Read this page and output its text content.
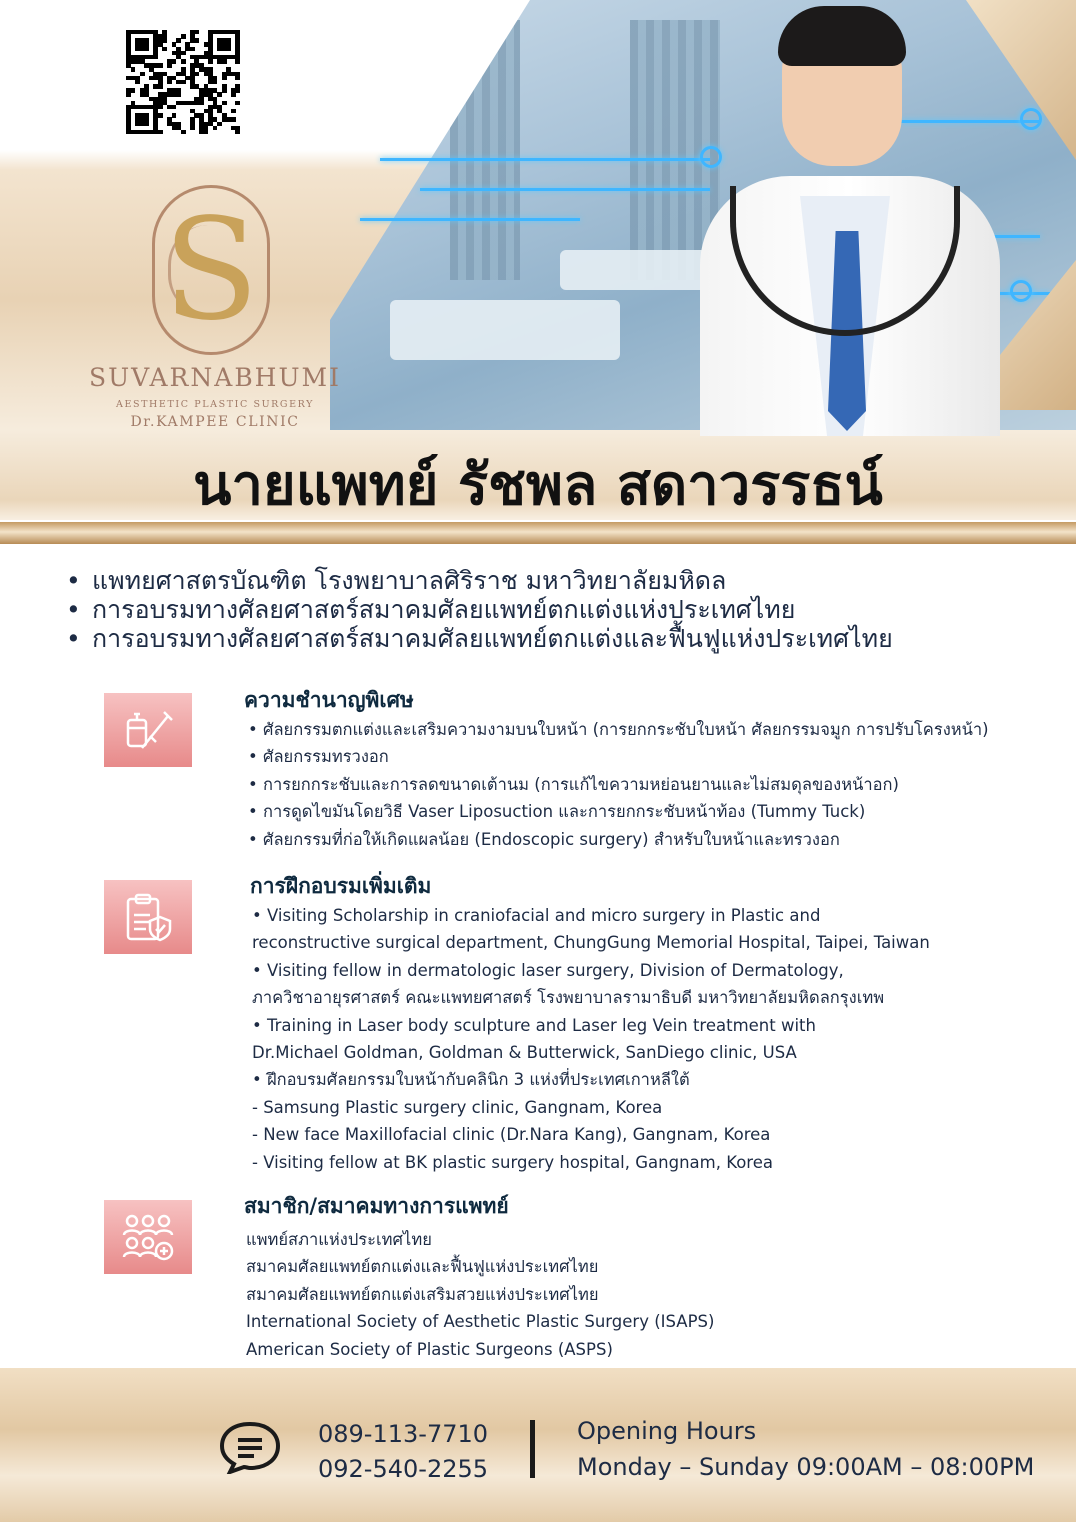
S
SUVARNABHUMI
AESTHETIC PLASTIC SURGERY
Dr.KAMPEE CLINIC
นายแพทย์ รัชพล สดาวรรธน์
• แพทยศาสตรบัณฑิต โรงพยาบาลศิริราช มหาวิทยาลัยมหิดล
• การอบรมทางศัลยศาสตร์สมาคมศัลยแพทย์ตกแต่งแห่งประเทศไทย
• การอบรมทางศัลยศาสตร์สมาคมศัลยแพทย์ตกแต่งและฟื้นฟูแห่งประเทศไทย
ความชำนาญพิเศษ
• ศัลยกรรมตกแต่งและเสริมความงามบนใบหน้า (การยกกระชับใบหน้า ศัลยกรรมจมูก การปรับโครงหน้า)
• ศัลยกรรมทรวงอก
• การยกกระชับและการลดขนาดเต้านม (การแก้ไขความหย่อนยานและไม่สมดุลของหน้าอก)
• การดูดไขมันโดยวิธี Vaser Liposuction และการยกกระชับหน้าท้อง (Tummy Tuck)
• ศัลยกรรมที่ก่อให้เกิดแผลน้อย (Endoscopic surgery) สำหรับใบหน้าและทรวงอก
การฝึกอบรมเพิ่มเติม
• Visiting Scholarship in craniofacial and micro surgery in Plastic and
reconstructive surgical department, ChungGung Memorial Hospital, Taipei, Taiwan
• Visiting fellow in dermatologic laser surgery, Division of Dermatology,
ภาควิชาอายุรศาสตร์ คณะแพทยศาสตร์ โรงพยาบาลรามาธิบดี มหาวิทยาลัยมหิดลกรุงเทพ
• Training in Laser body sculpture and Laser leg Vein treatment with
Dr.Michael Goldman, Goldman & Butterwick, SanDiego clinic, USA
• ฝึกอบรมศัลยกรรมใบหน้ากับคลินิก 3 แห่งที่ประเทศเกาหลีใต้
- Samsung Plastic surgery clinic, Gangnam, Korea
- New face Maxillofacial clinic (Dr.Nara Kang), Gangnam, Korea
- Visiting fellow at BK plastic surgery hospital, Gangnam, Korea
สมาชิก/สมาคมทางการแพทย์
แพทย์สภาแห่งประเทศไทย
สมาคมศัลยแพทย์ตกแต่งและฟื้นฟูแห่งประเทศไทย
สมาคมศัลยแพทย์ตกแต่งเสริมสวยแห่งประเทศไทย
International Society of Aesthetic Plastic Surgery (ISAPS)
American Society of Plastic Surgeons (ASPS)
089-113-7710
092-540-2255
Opening Hours
Monday – Sunday 09:00AM – 08:00PM
